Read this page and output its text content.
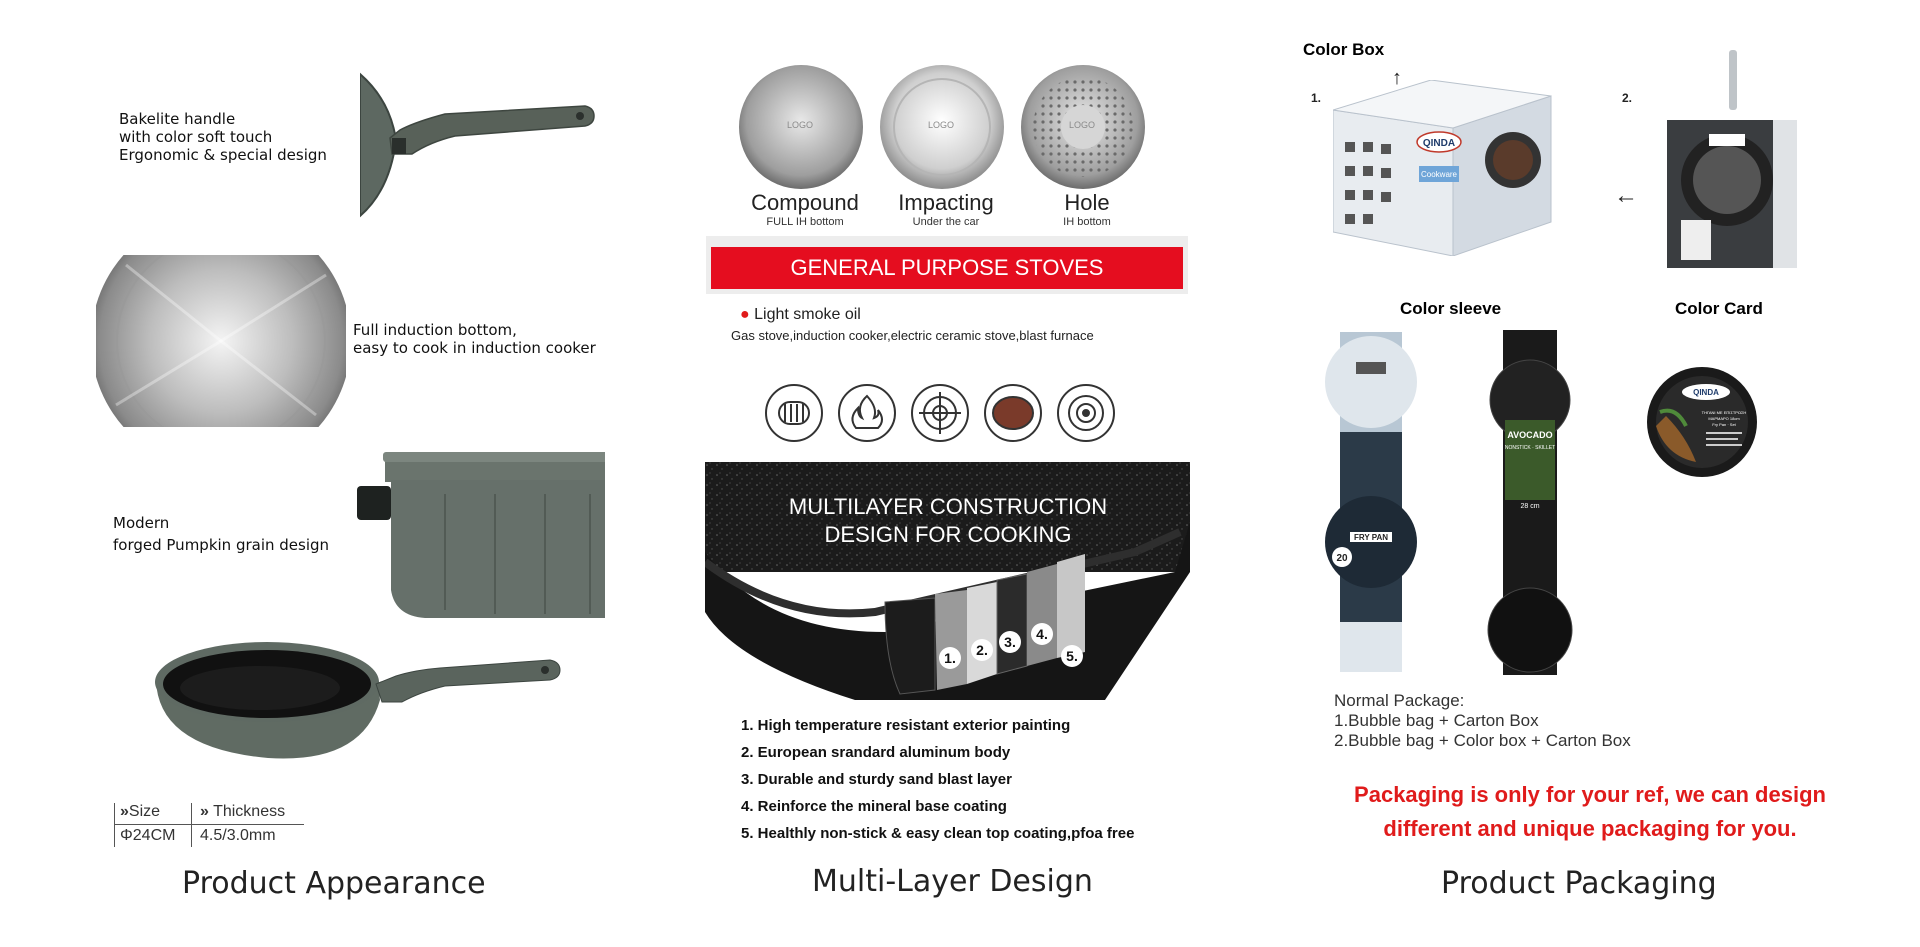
Bakelite handle
with color soft touch
Ergonomic & special design
Full induction bottom,
easy to cook in induction cooker
Modern
forged Pumpkin grain design
»Size » Thickness
Φ24CM 4.5/3.0mm
Product Appearance
LOGO	LOGO	LOGO
Compound
FULL IH bottom
Impacting
Under the car
Hole
IH bottom
GENERAL PURPOSE STOVES
● Light smoke oil
Gas stove,induction cooker,electric ceramic stove,blast furnace
MULTILAYER CONSTRUCTION
DESIGN FOR COOKING
1. 2. 3. 4.
5.
1. High temperature resistant exterior painting
2. European srandard aluminum body
3. Durable and sturdy sand blast layer
4. Reinforce the mineral base coating
5. Healthly non-stick & easy clean top coating,pfoa free
Multi-Layer Design
Color Box
1.	2.
↑
←
QINDA
Cookware
Color sleeve	Color Card
FRY PAN
20
AVOCADO
NONSTICK · SKILLET
28 cm
QINDA
ΤΗΓΑΝΙ ΜΕ ΕΠΙΣΤΡΩΣΗ
ΜΑΡΜΑΡΟ 18cm
Fry Pan · Set
Normal Package:
1.Bubble bag + Carton Box
2.Bubble bag + Color box + Carton Box
Packaging is only for your ref, we can design
different and unique packaging for you.
Product Packaging
